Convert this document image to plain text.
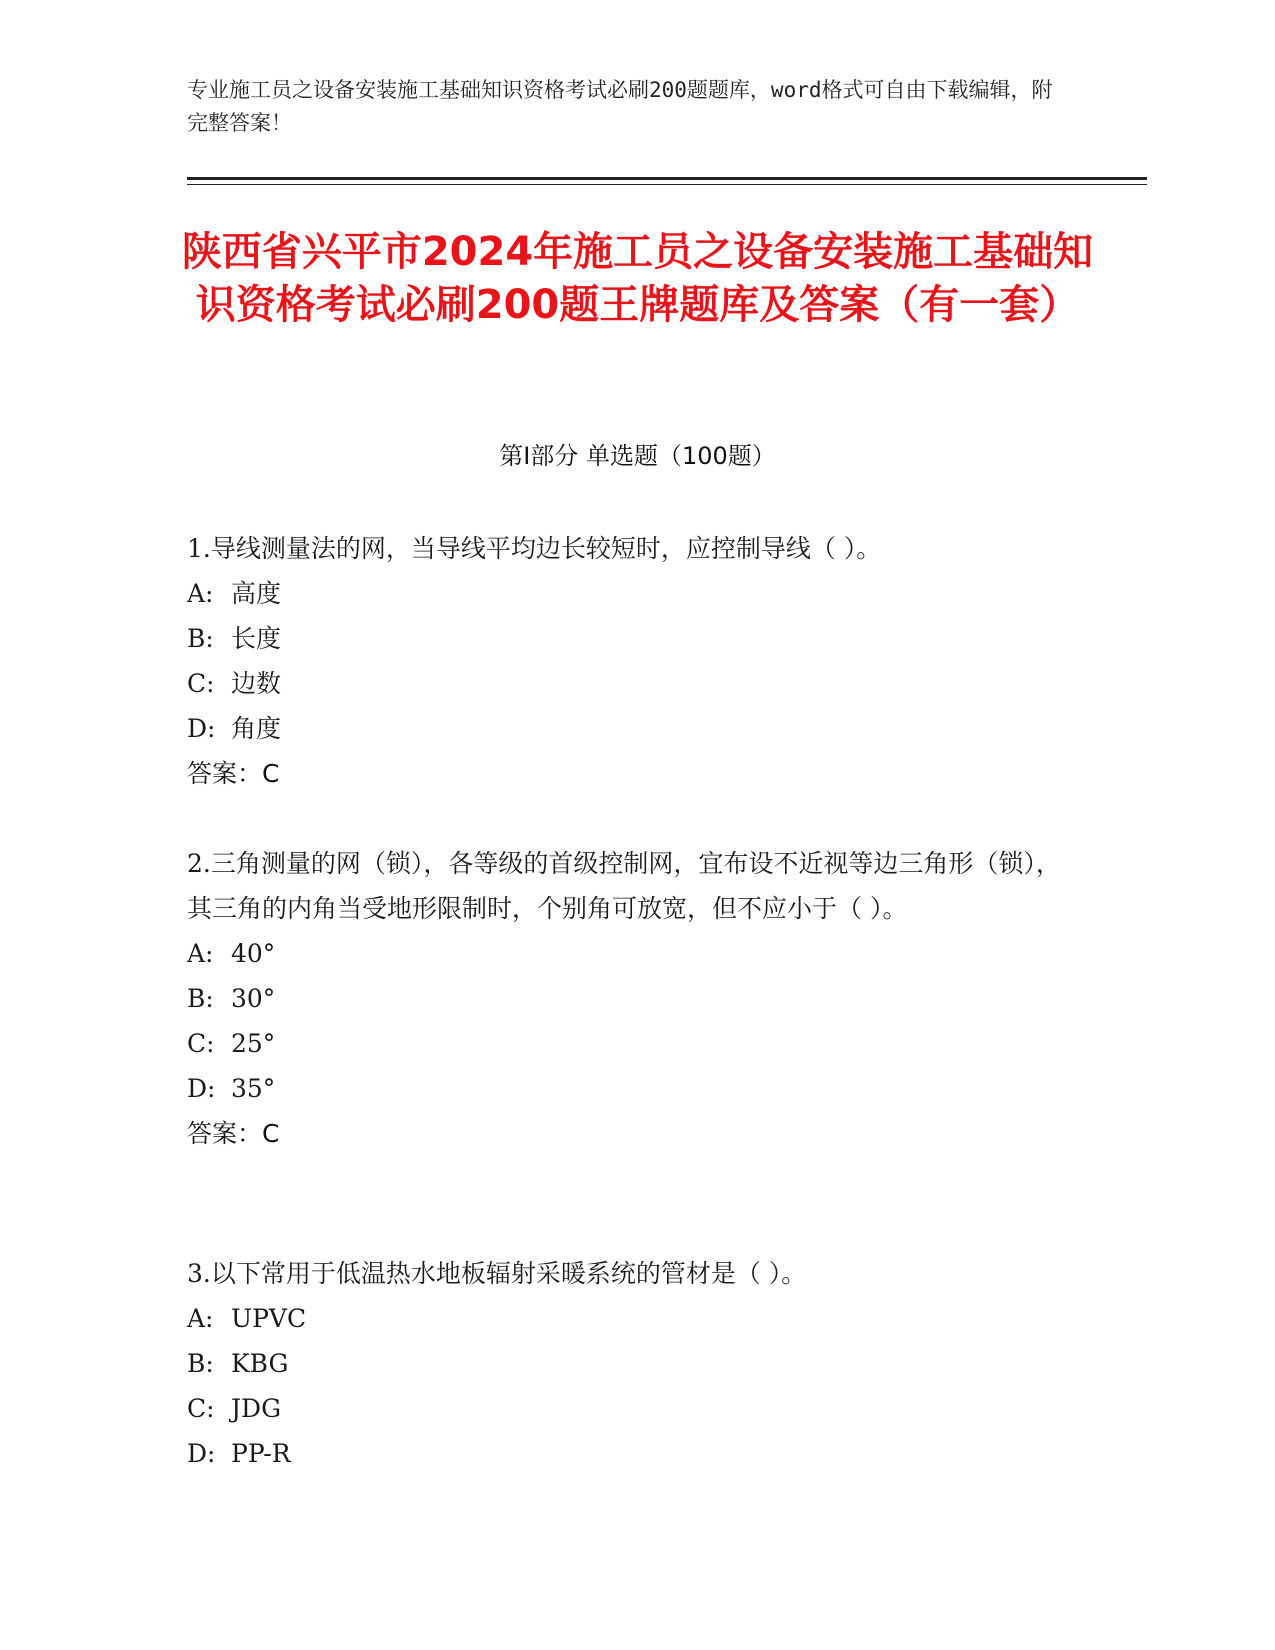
专业施工员之设备安装施工基础知识资格考试必刷200题题库，word格式可自由下载编辑，附完整答案！
陕西省兴平市2024年施工员之设备安装施工基础知识资格考试必刷200题王牌题库及答案（有一套）
第Ⅰ部分 单选题（100题）
1.导线测量法的网，当导线平均边长较短时，应控制导线（ ）。
A: 高度
B: 长度
C: 边数
D: 角度
答案：C
2.三角测量的网（锁），各等级的首级控制网，宜布设不近视等边三角形（锁），其三角的内角当受地形限制时，个别角可放宽，但不应小于（ ）。
A: 40°
B: 30°
C: 25°
D: 35°
答案：C
3.以下常用于低温热水地板辐射采暖系统的管材是（ ）。
A: UPVC
B: KBG
C: JDG
D: PP-R
